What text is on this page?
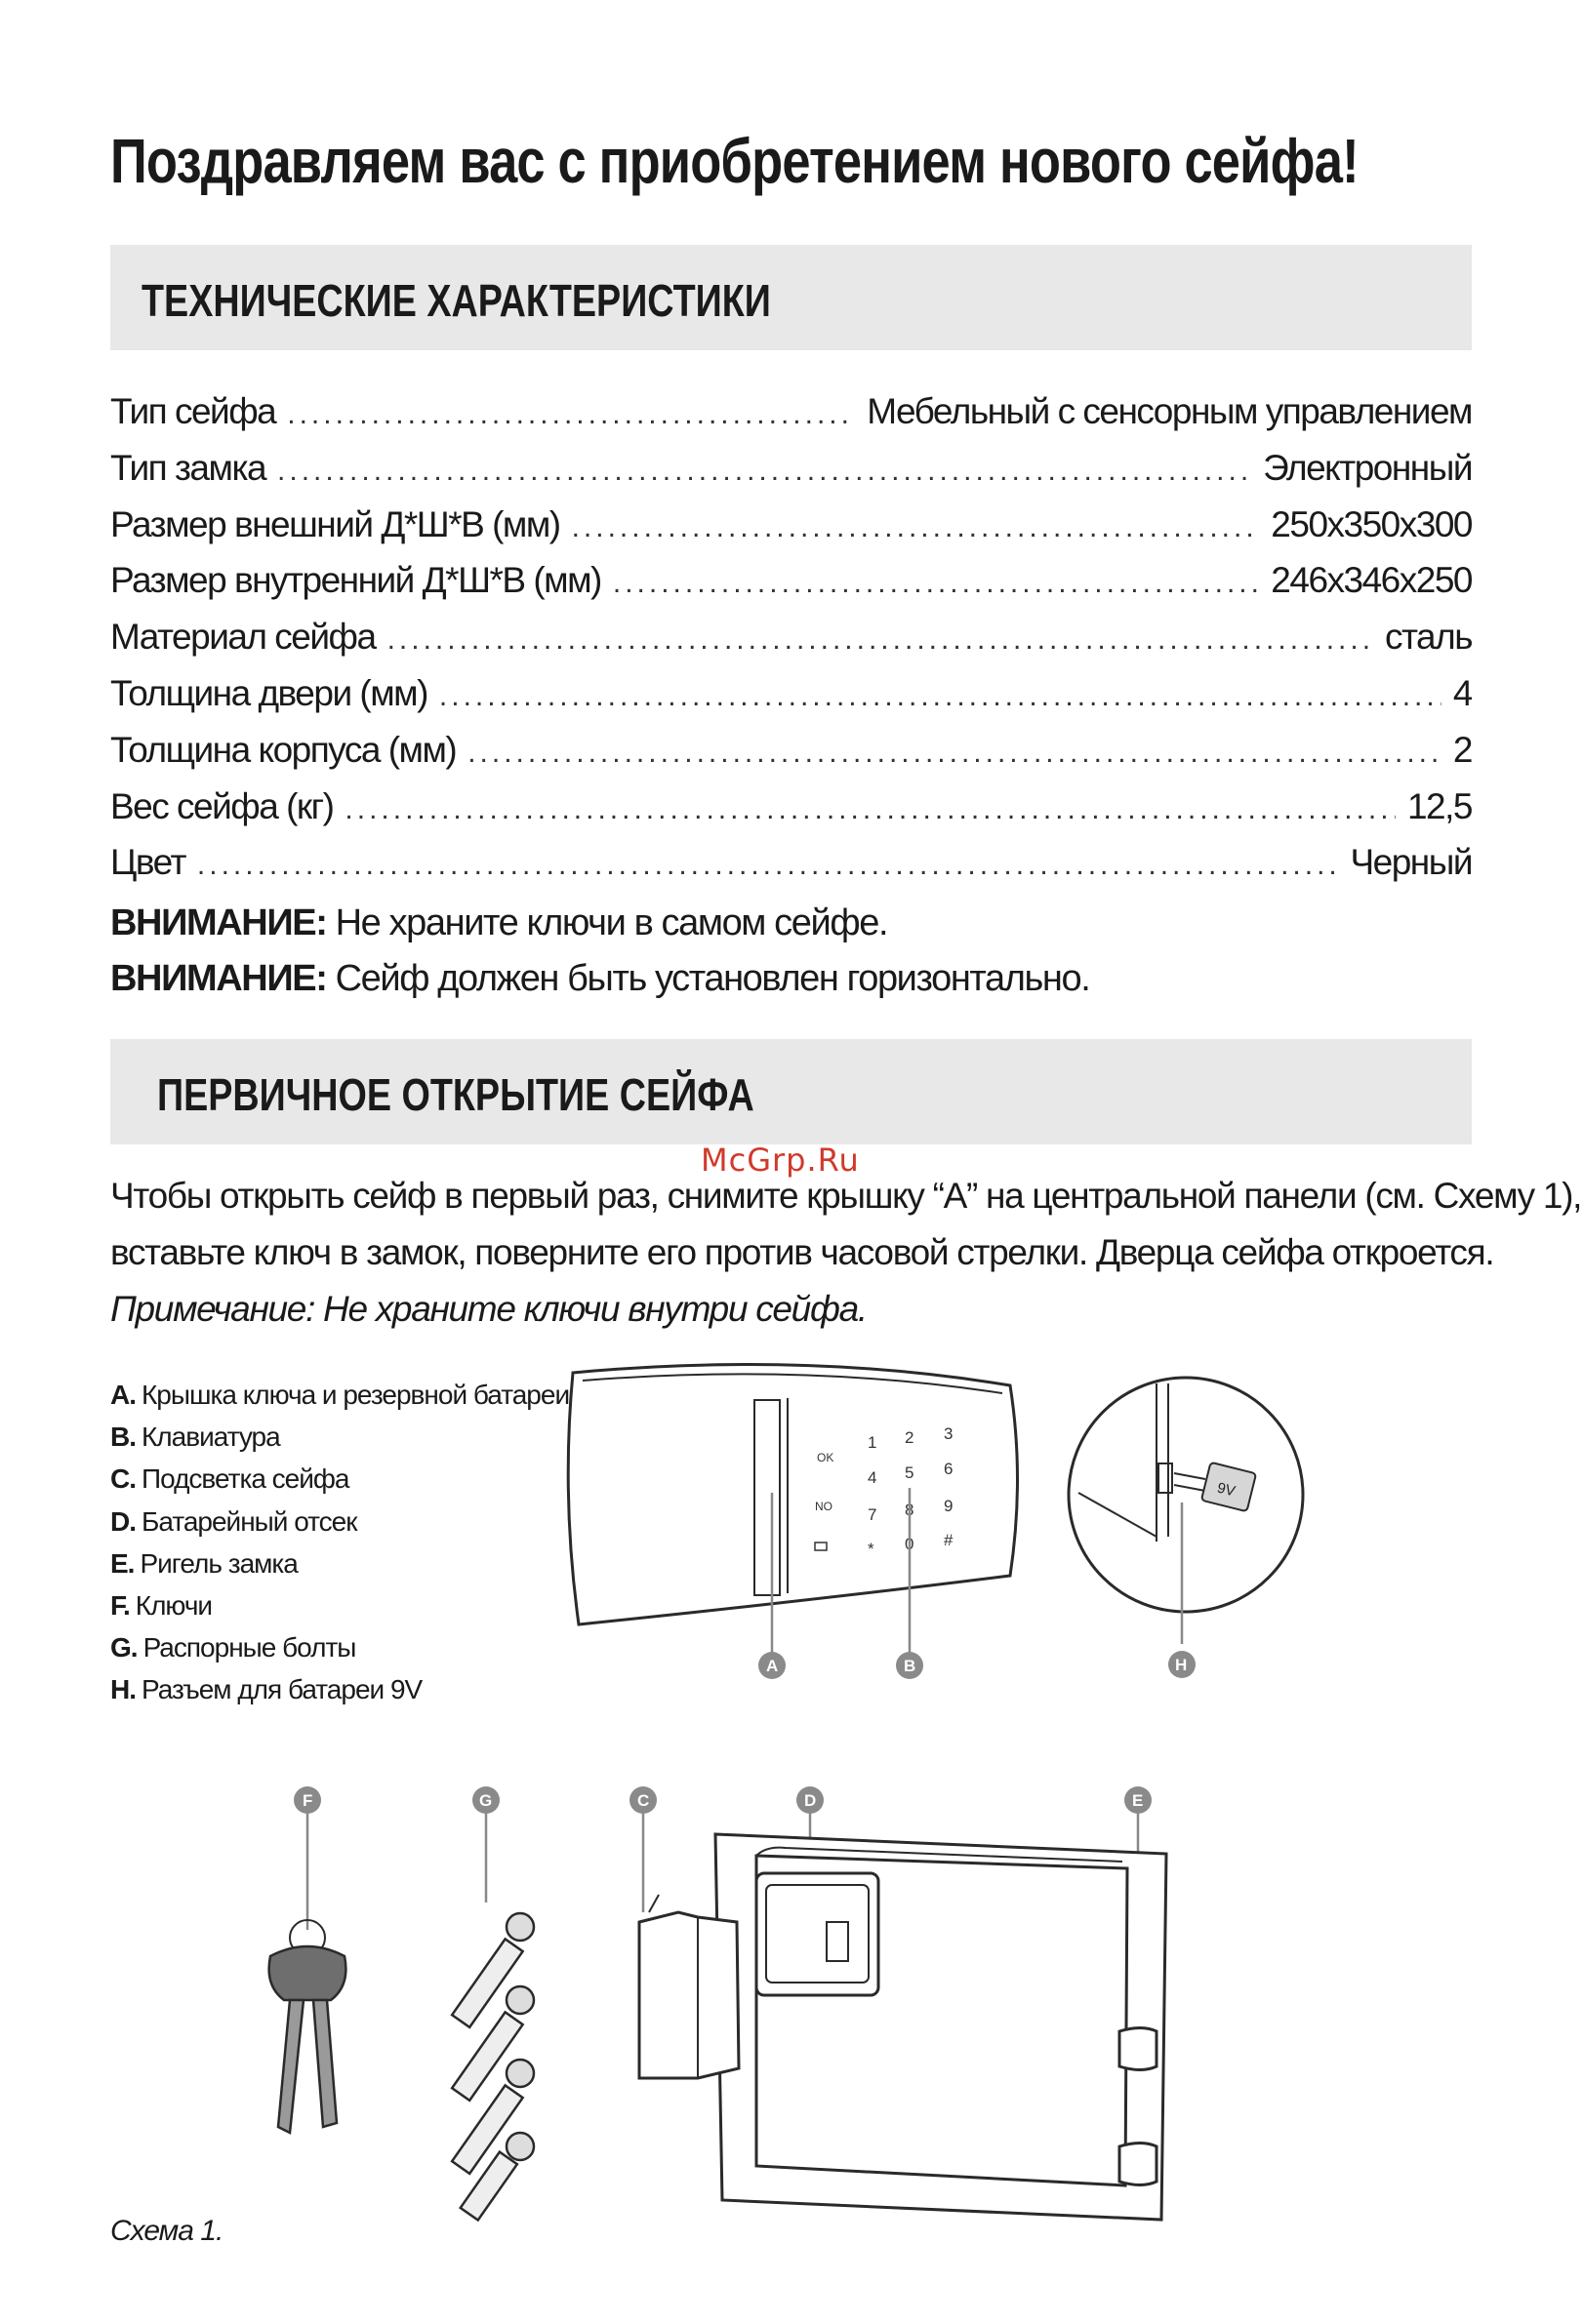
Поздравляем вас с приобретением нового сейфа!
ТЕХНИЧЕСКИЕ ХАРАКТЕРИСТИКИ
Тип сейфа .....	Мебельный с сенсорным управлением
Тип замка .....	Электронный
Размер внешний Д*Ш*В (мм) .....	250х350х300
Размер внутренний Д*Ш*В (мм) .....	246х346х250
Материал сейфа .....	сталь
Толщина двери (мм) .....	4
Толщина корпуса (мм) .....	2
Вес сейфа (кг) .....	12,5
Цвет .....	Черный
ВНИМАНИЕ: Не храните ключи в самом сейфе.
ВНИМАНИЕ: Сейф должен быть установлен горизонтально.
ПЕРВИЧНОЕ ОТКРЫТИЕ СЕЙФА
McGrp.Ru
Чтобы открыть сейф в первый раз, снимите крышку “A” на центральной панели (см. Схему 1),
вставьте ключ в замок, поверните его против часовой стрелки. Дверца сейфа откроется.
Примечание: Не храните ключи внутри сейфа.
A. Крышка ключа и резервной батареи
B. Клавиатура
C. Подсветка сейфа
D. Батарейный отсек
E. Ригель замка
F. Ключи
G. Распорные болты
H. Разъем для батареи 9V
OK
NO
1 2 3
4 5 6
7 8 9
* 0 #
A	B
9V
H
F	G	C	D	E
Схема 1.
